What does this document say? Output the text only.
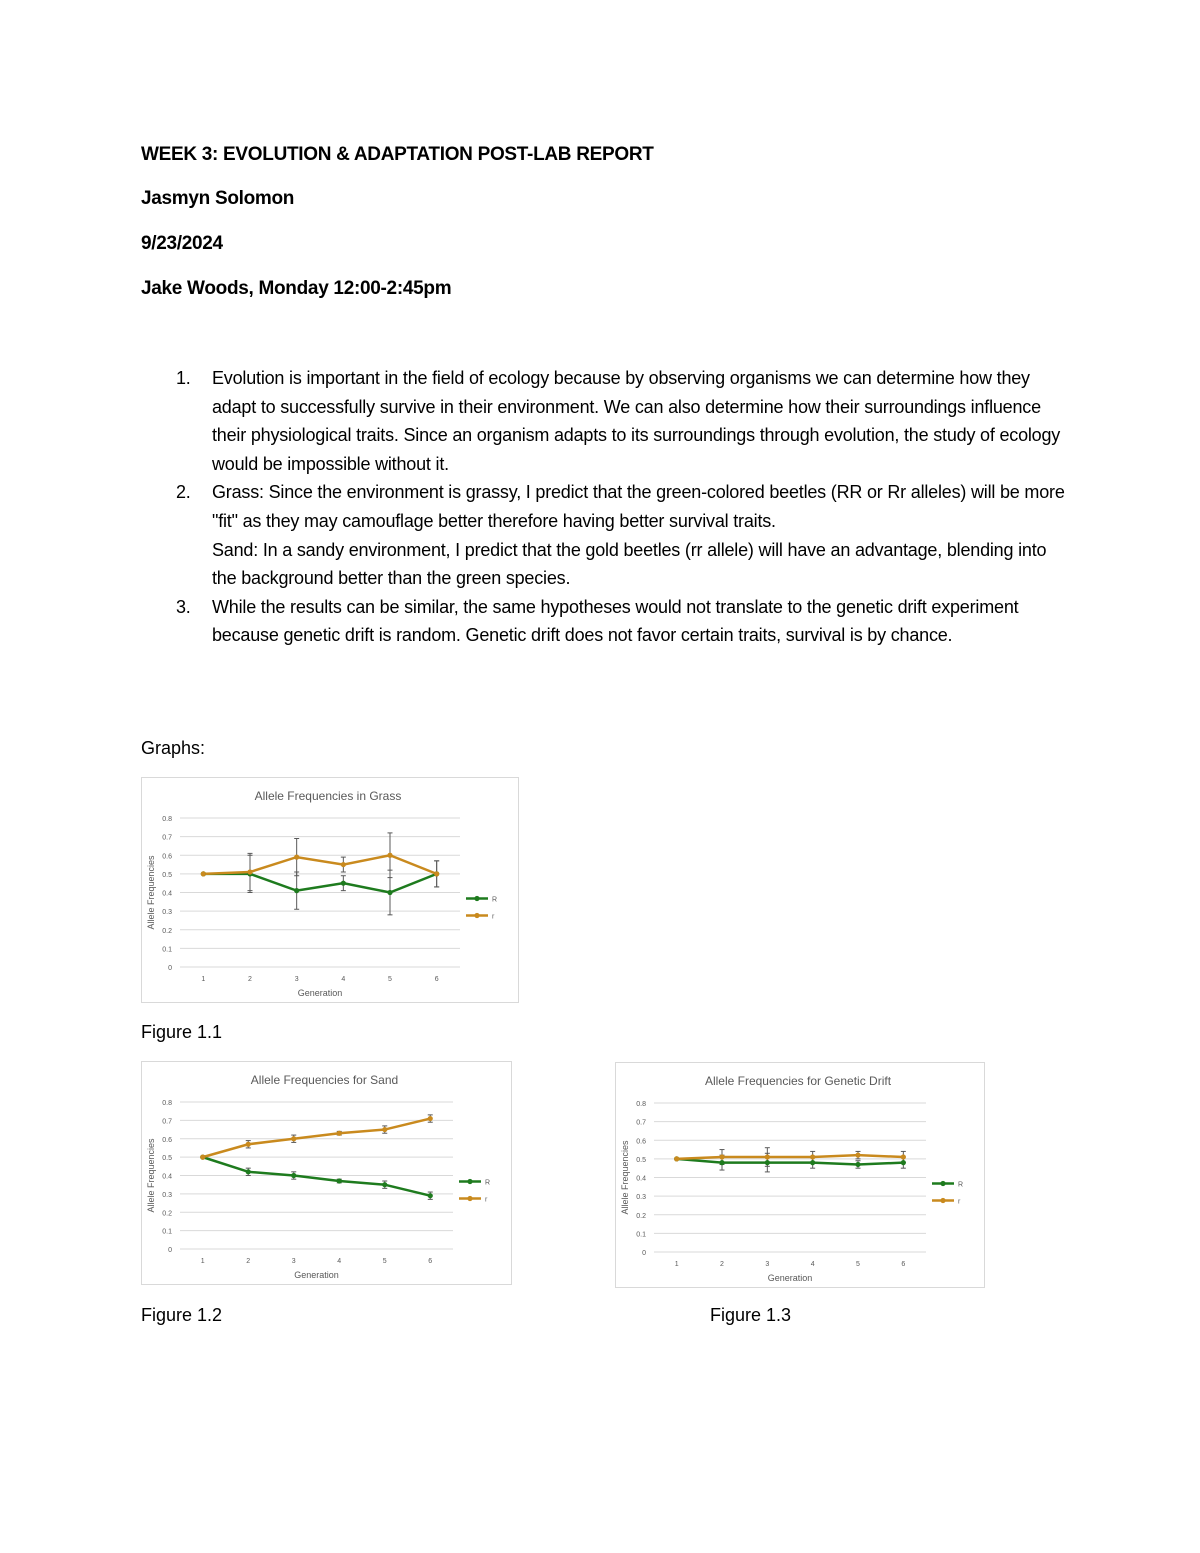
WEEK 3: EVOLUTION & ADAPTATION POST-LAB REPORT

Jasmyn Solomon

9/23/2024

Jake Woods, Monday 12:00-2:45pm

1. Evolution is important in the field of ecology because by observing organisms we can determine how they adapt to successfully survive in their environment. We can also determine how their surroundings influence their physiological traits. Since an organism adapts to its surroundings through evolution, the study of ecology would be impossible without it.

2. Grass: Since the environment is grassy, I predict that the green-colored beetles (RR or Rr alleles) will be more "fit" as they may camouflage better therefore having better survival traits.

Sand: In a sandy environment, I predict that the gold beetles (rr allele) will have an advantage, blending into the background better than the green species.

3. While the results can be similar, the same hypotheses would not translate to the genetic drift experiment because genetic drift is random. Genetic drift does not favor certain traits, survival is by chance.

Graphs:

Allele Frequencies in Grass
0
0.1
0.2
0.3
0.4
0.5
0.6
0.7
0.8
1	2	3	4	5	6
Generation
Allele Frequencies	R
r

Figure 1.1

Allele Frequencies for Sand
0
0.1
0.2
0.3
0.4
0.5
0.6
0.7
0.8
1	2	3	4	5	6
Generation
Allele Frequencies	R
r

Figure 1.2

Allele Frequencies for Genetic Drift
0
0.1
0.2
0.3
0.4
0.5
0.6
0.7
0.8
1	2	3	4	5	6
Generation
Allele Frequencies	R
r

Figure 1.3
